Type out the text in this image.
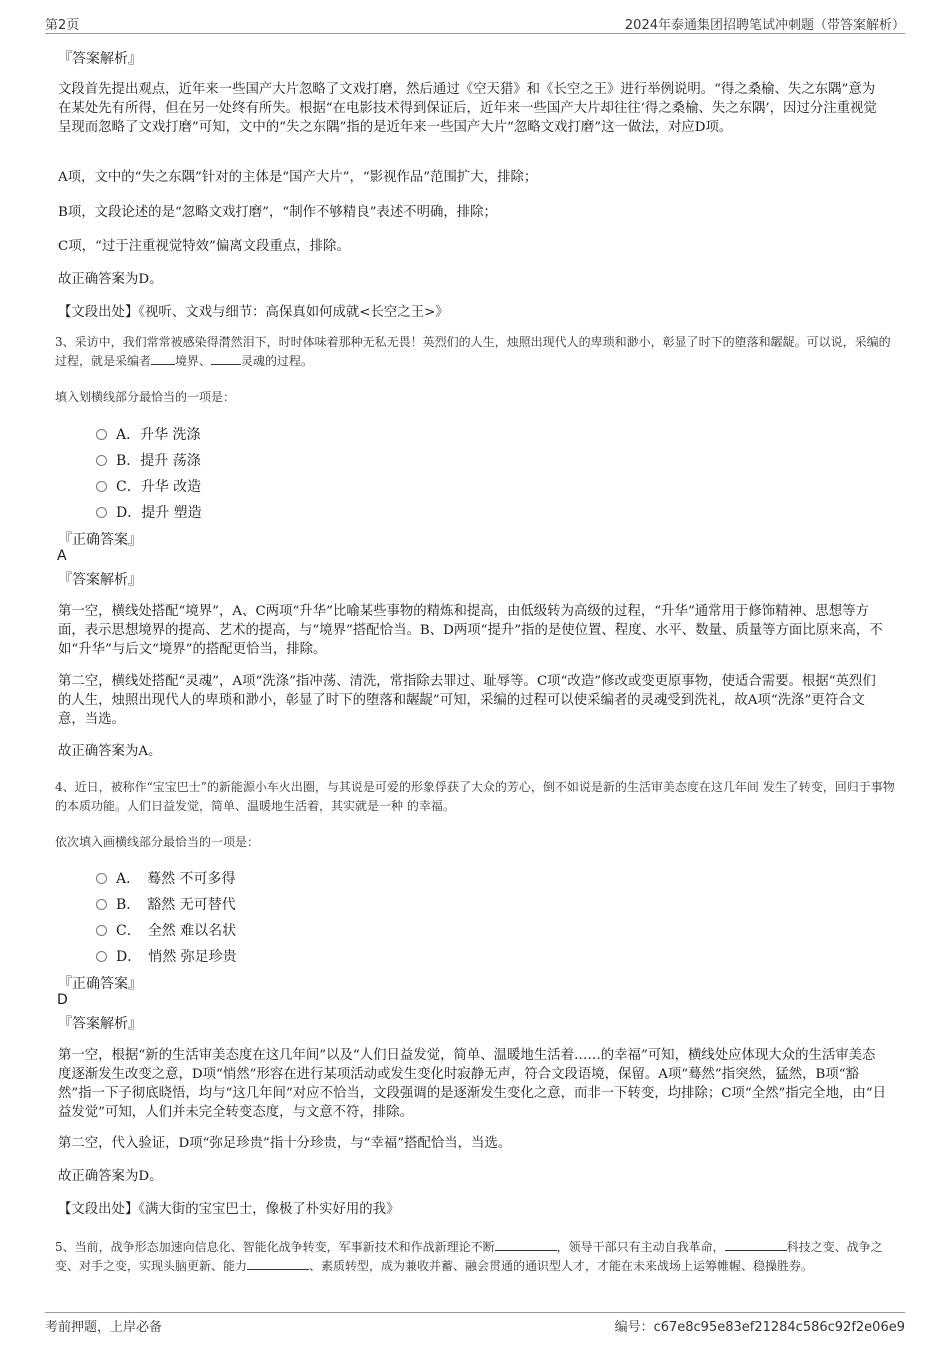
第2页	2024年泰通集团招聘笔试冲刺题（带答案解析）
『答案解析』
文段首先提出观点，近年来一些国产大片忽略了文戏打磨，然后通过《空天猎》和《长空之王》进行举例说明。“得之桑榆、失之东隅”意为在某处先有所得，但在另一处终有所失。根据“在电影技术得到保证后，近年来一些国产大片却往往‘得之桑榆、失之东隅’，因过分注重视觉呈现而忽略了文戏打磨”可知，文中的“失之东隅”指的是近年来一些国产大片“忽略文戏打磨”这一做法，对应D项。
A项，文中的“失之东隅”针对的主体是“国产大片”，“影视作品”范围扩大，排除；
B项，文段论述的是“忽略文戏打磨”，“制作不够精良”表述不明确，排除；
C项，“过于注重视觉特效”偏离文段重点，排除。
故正确答案为D。
【文段出处】《视听、文戏与细节：高保真如何成就<长空之王>》
3、采访中，我们常常被感染得潸然泪下，时时体味着那种无私无畏！英烈们的人生，烛照出现代人的卑琐和渺小，彰显了时下的堕落和龌龊。可以说，采编的过程，就是采编者 境界、	灵魂的过程。
填入划横线部分最恰当的一项是：
A．升华 洗涤
B．提升 荡涤
C．升华 改造
D．提升 塑造
『正确答案』
A
『答案解析』
第一空，横线处搭配“境界”，A、C两项“升华”比喻某些事物的精炼和提高，由低级转为高级的过程，“升华”通常用于修饰精神、思想等方面，表示思想境界的提高、艺术的提高，与“境界”搭配恰当。B、D两项“提升”指的是使位置、程度、水平、数量、质量等方面比原来高，不如“升华”与后文“境界”的搭配更恰当，排除。
第二空，横线处搭配“灵魂”，A项“洗涤”指冲荡、清洗，常指除去罪过、耻辱等。C项“改造”修改或变更原事物，使适合需要。根据“英烈们的人生，烛照出现代人的卑琐和渺小，彰显了时下的堕落和龌龊”可知，采编的过程可以使采编者的灵魂受到洗礼，故A项“洗涤”更符合文意，当选。
故正确答案为A。
4、近日，被称作“宝宝巴士”的新能源小车火出圈，与其说是可爱的形象俘获了大众的芳心，倒不如说是新的生活审美态度在这几年间 发生了转变，回归于事物的本质功能。人们日益发觉，简单、温暖地生活着，其实就是一种 的幸福。
依次填入画横线部分最恰当的一项是：
A．　蓦然 不可多得
B．　豁然 无可替代
C．　全然 难以名状
D．　悄然 弥足珍贵
『正确答案』
D
『答案解析』
第一空，根据“新的生活审美态度在这几年间”以及“人们日益发觉，简单、温暖地生活着……的幸福”可知，横线处应体现大众的生活审美态度逐渐发生改变之意，D项“悄然”形容在进行某项活动或发生变化时寂静无声，符合文段语境，保留。A项“蓦然”指突然，猛然，B项“豁然”指一下子彻底晓悟，均与“这几年间”对应不恰当，文段强调的是逐渐发生变化之意，而非一下转变，均排除；C项“全然”指完全地，由“日益发觉”可知，人们并未完全转变态度，与文意不符，排除。
第二空，代入验证，D项“弥足珍贵”指十分珍贵，与“幸福”搭配恰当，当选。
故正确答案为D。
【文段出处】《满大街的宝宝巴士，像极了朴实好用的我》
5、当前，战争形态加速向信息化、智能化战争转变，军事新技术和作战新理论不断	，领导干部只有主动自我革命，	科技之变、战争之变、对手之变，实现头脑更新、能力	、素质转型，成为兼收并蓄、融会贯通的通识型人才，才能在未来战场上运筹帷幄、稳操胜券。
考前押题，上岸必备	编号：c67e8c95e83ef21284c586c92f2e06e9
